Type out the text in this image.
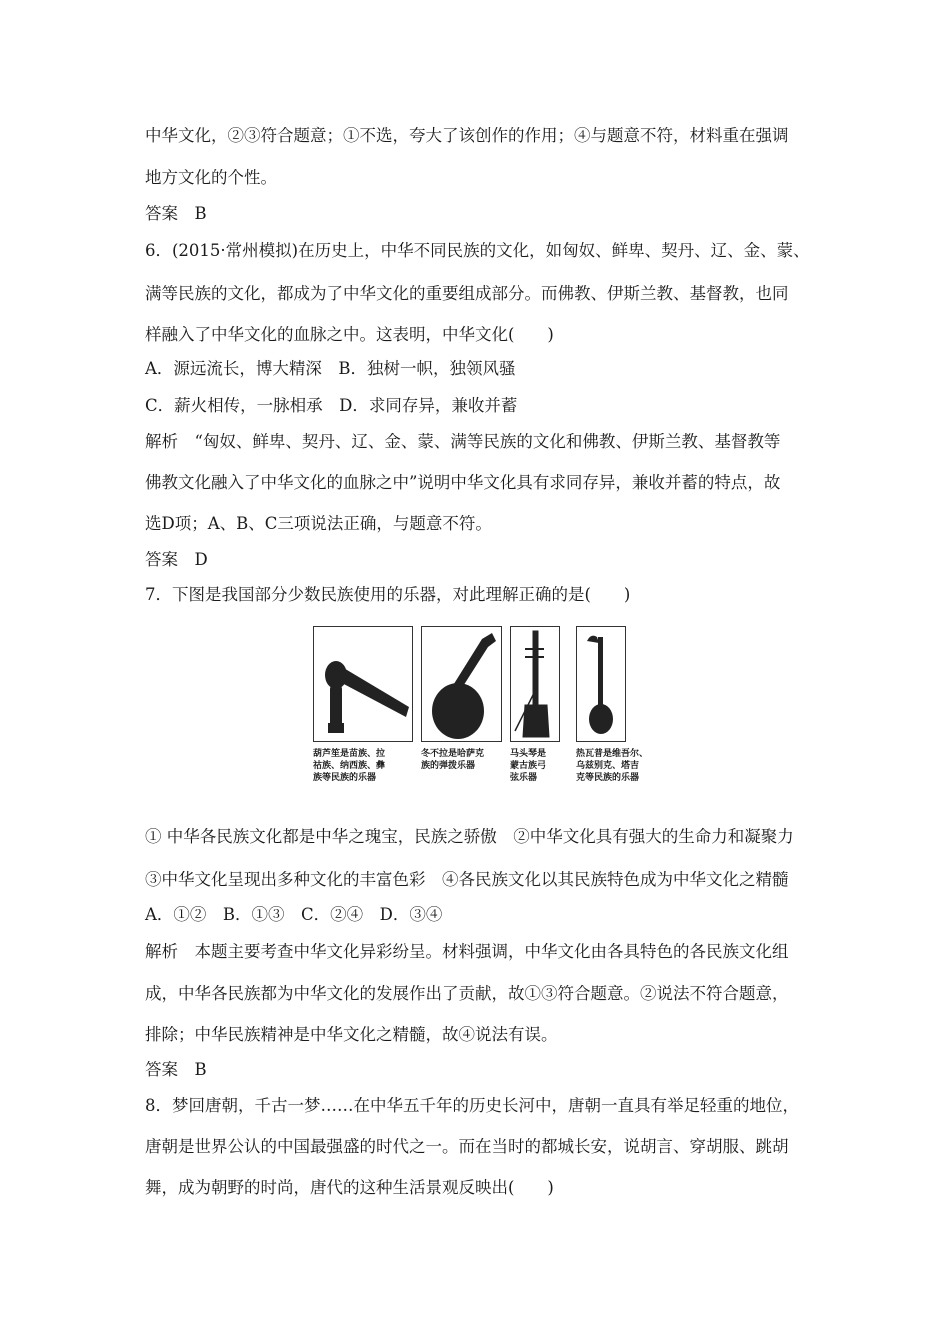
中华文化，②③符合题意；①不选，夸大了该创作的作用；④与题意不符，材料重在强调
地方文化的个性。
答案　B
6．(2015·常州模拟)在历史上，中华不同民族的文化，如匈奴、鲜卑、契丹、辽、金、蒙、
满等民族的文化，都成为了中华文化的重要组成部分。而佛教、伊斯兰教、基督教，也同
样融入了中华文化的血脉之中。这表明，中华文化(　　)
A．源远流长，博大精深　B．独树一帜，独领风骚
C．薪火相传，一脉相承　D．求同存异，兼收并蓄
解析　“匈奴、鲜卑、契丹、辽、金、蒙、满等民族的文化和佛教、伊斯兰教、基督教等
佛教文化融入了中华文化的血脉之中”说明中华文化具有求同存异，兼收并蓄的特点，故
选D项；A、B、C三项说法正确，与题意不符。
答案　D
7．下图是我国部分少数民族使用的乐器，对此理解正确的是(　　)
葫芦笙是苗族、拉
祜族、纳西族、彝
族等民族的乐器
冬不拉是哈萨克
族的弹拨乐器
马头琴是
蒙古族弓
弦乐器
热瓦普是维吾尔、
乌兹别克、塔吉
克等民族的乐器
① 中华各民族文化都是中华之瑰宝，民族之骄傲　②中华文化具有强大的生命力和凝聚力
③中华文化呈现出多种文化的丰富色彩　④各民族文化以其民族特色成为中华文化之精髓
A．①②　B．①③　C．②④　D．③④
解析　本题主要考查中华文化异彩纷呈。材料强调，中华文化由各具特色的各民族文化组
成，中华各民族都为中华文化的发展作出了贡献，故①③符合题意。②说法不符合题意，
排除；中华民族精神是中华文化之精髓，故④说法有误。
答案　B
8．梦回唐朝，千古一梦……在中华五千年的历史长河中，唐朝一直具有举足轻重的地位，
唐朝是世界公认的中国最强盛的时代之一。而在当时的都城长安，说胡言、穿胡服、跳胡
舞，成为朝野的时尚，唐代的这种生活景观反映出(　　)
